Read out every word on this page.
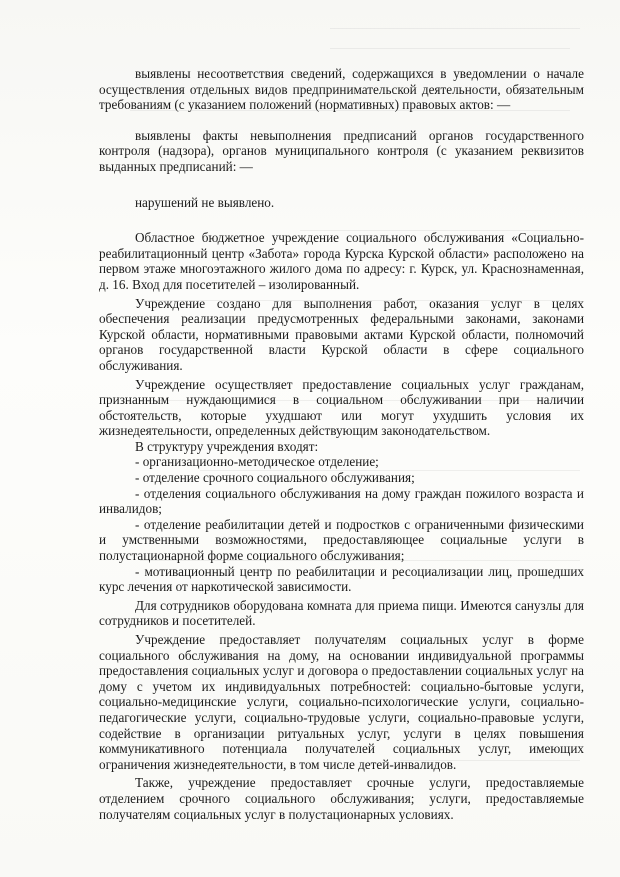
выявлены несоответствия сведений, содержащихся в уведомлении о начале осуществления отдельных видов предпринимательской деятельности, обязательным требованиям (с указанием положений (нормативных) правовых актов: —

выявлены факты невыполнения предписаний органов государственного контроля (надзора), органов муниципального контроля (с указанием реквизитов выданных предписаний: —

нарушений не выявлено.

Областное бюджетное учреждение социального обслуживания «Социально-реабилитационный центр «Забота» города Курска Курской области» расположено на первом этаже многоэтажного жилого дома по адресу: г. Курск, ул. Краснознаменная, д. 16. Вход для посетителей – изолированный.

Учреждение создано для выполнения работ, оказания услуг в целях обеспечения реализации предусмотренных федеральными законами, законами Курской области, нормативными правовыми актами Курской области, полномочий органов государственной власти Курской области в сфере социального обслуживания.

Учреждение осуществляет предоставление социальных услуг гражданам, признанным нуждающимися в социальном обслуживании при наличии обстоятельств, которые ухудшают или могут ухудшить условия их жизнедеятельности, определенных действующим законодательством.

В структуру учреждения входят:

- организационно-методическое отделение;

- отделение срочного социального обслуживания;

- отделения социального обслуживания на дому граждан пожилого возраста и инвалидов;

- отделение реабилитации детей и подростков с ограниченными физическими и умственными возможностями, предоставляющее социальные услуги в полустационарной форме социального обслуживания;

- мотивационный центр по реабилитации и ресоциализации лиц, прошедших курс лечения от наркотической зависимости.

Для сотрудников оборудована комната для приема пищи. Имеются санузлы для сотрудников и посетителей.

Учреждение предоставляет получателям социальных услуг в форме социального обслуживания на дому, на основании индивидуальной программы предоставления социальных услуг и договора о предоставлении социальных услуг на дому с учетом их индивидуальных потребностей: социально-бытовые услуги, социально-медицинские услуги, социально-психологические услуги, социально-педагогические услуги, социально-трудовые услуги, социально-правовые услуги, содействие в организации ритуальных услуг, услуги в целях повышения коммуникативного потенциала получателей социальных услуг, имеющих ограничения жизнедеятельности, в том числе детей-инвалидов.

Также, учреждение предоставляет срочные услуги, предоставляемые отделением срочного социального обслуживания; услуги, предоставляемые получателям социальных услуг в полустационарных условиях.
